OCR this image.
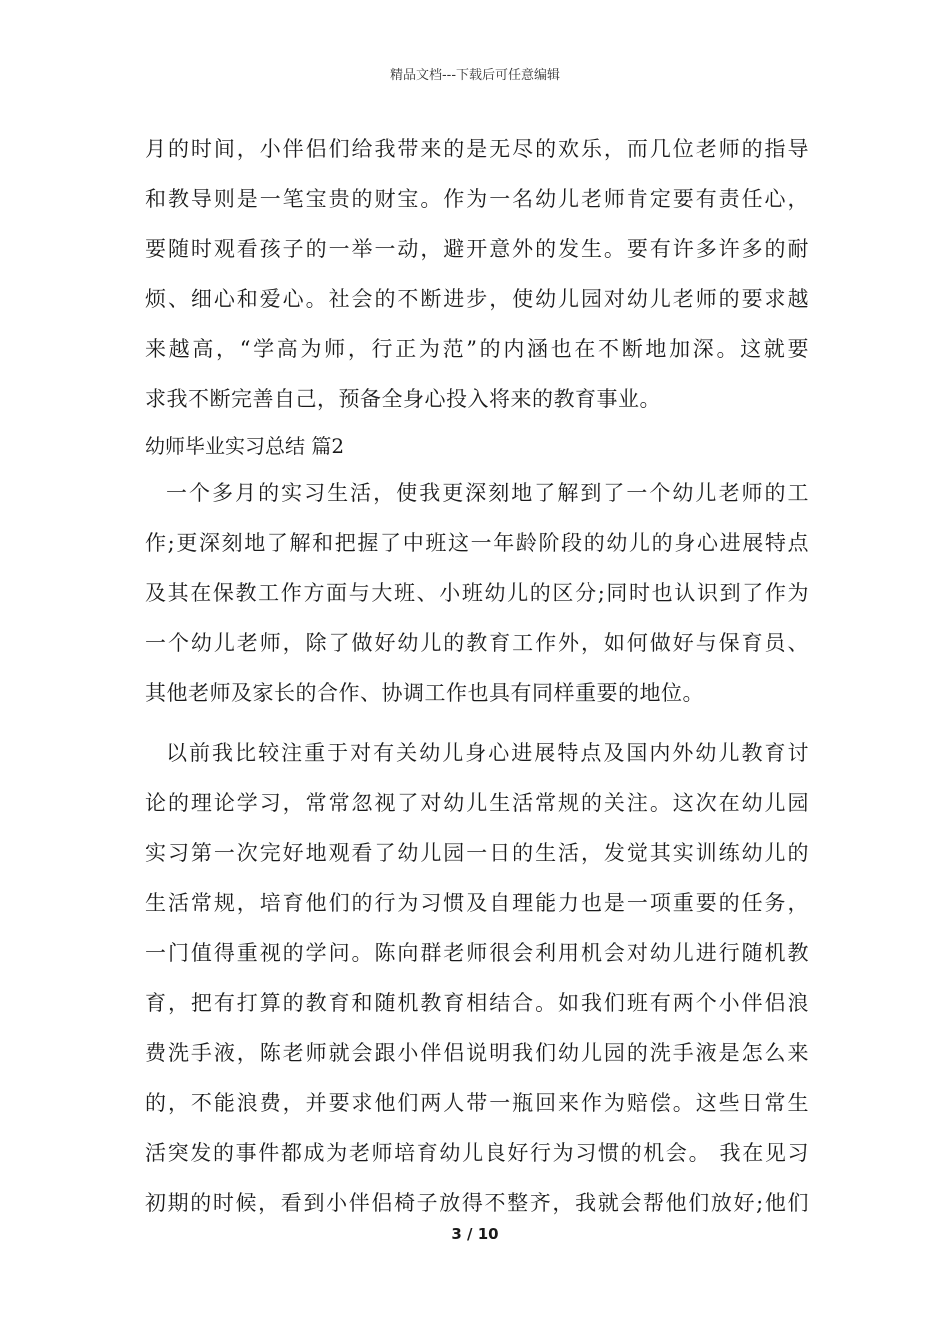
精品文档---下载后可任意编辑
月的时间，小伴侣们给我带来的是无尽的欢乐，而几位老师的指导
和教导则是一笔宝贵的财宝。作为一名幼儿老师肯定要有责任心，
要随时观看孩子的一举一动，避开意外的发生。要有许多许多的耐
烦、细心和爱心。社会的不断进步，使幼儿园对幼儿老师的要求越
来越高，“学高为师，行正为范”的内涵也在不断地加深。这就要
求我不断完善自己，预备全身心投入将来的教育事业。
幼师毕业实习总结 篇2
一个多月的实习生活，使我更深刻地了解到了一个幼儿老师的工
作;更深刻地了解和把握了中班这一年龄阶段的幼儿的身心进展特点
及其在保教工作方面与大班、小班幼儿的区分;同时也认识到了作为
一个幼儿老师，除了做好幼儿的教育工作外，如何做好与保育员、
其他老师及家长的合作、协调工作也具有同样重要的地位。
以前我比较注重于对有关幼儿身心进展特点及国内外幼儿教育讨
论的理论学习，常常忽视了对幼儿生活常规的关注。这次在幼儿园
实习第一次完好地观看了幼儿园一日的生活，发觉其实训练幼儿的
生活常规，培育他们的行为习惯及自理能力也是一项重要的任务，
一门值得重视的学问。陈向群老师很会利用机会对幼儿进行随机教
育，把有打算的教育和随机教育相结合。如我们班有两个小伴侣浪
费洗手液，陈老师就会跟小伴侣说明我们幼儿园的洗手液是怎么来
的，不能浪费，并要求他们两人带一瓶回来作为赔偿。这些日常生
活突发的事件都成为老师培育幼儿良好行为习惯的机会。 我在见习
初期的时候，看到小伴侣椅子放得不整齐，我就会帮他们放好;他们
3 / 10
